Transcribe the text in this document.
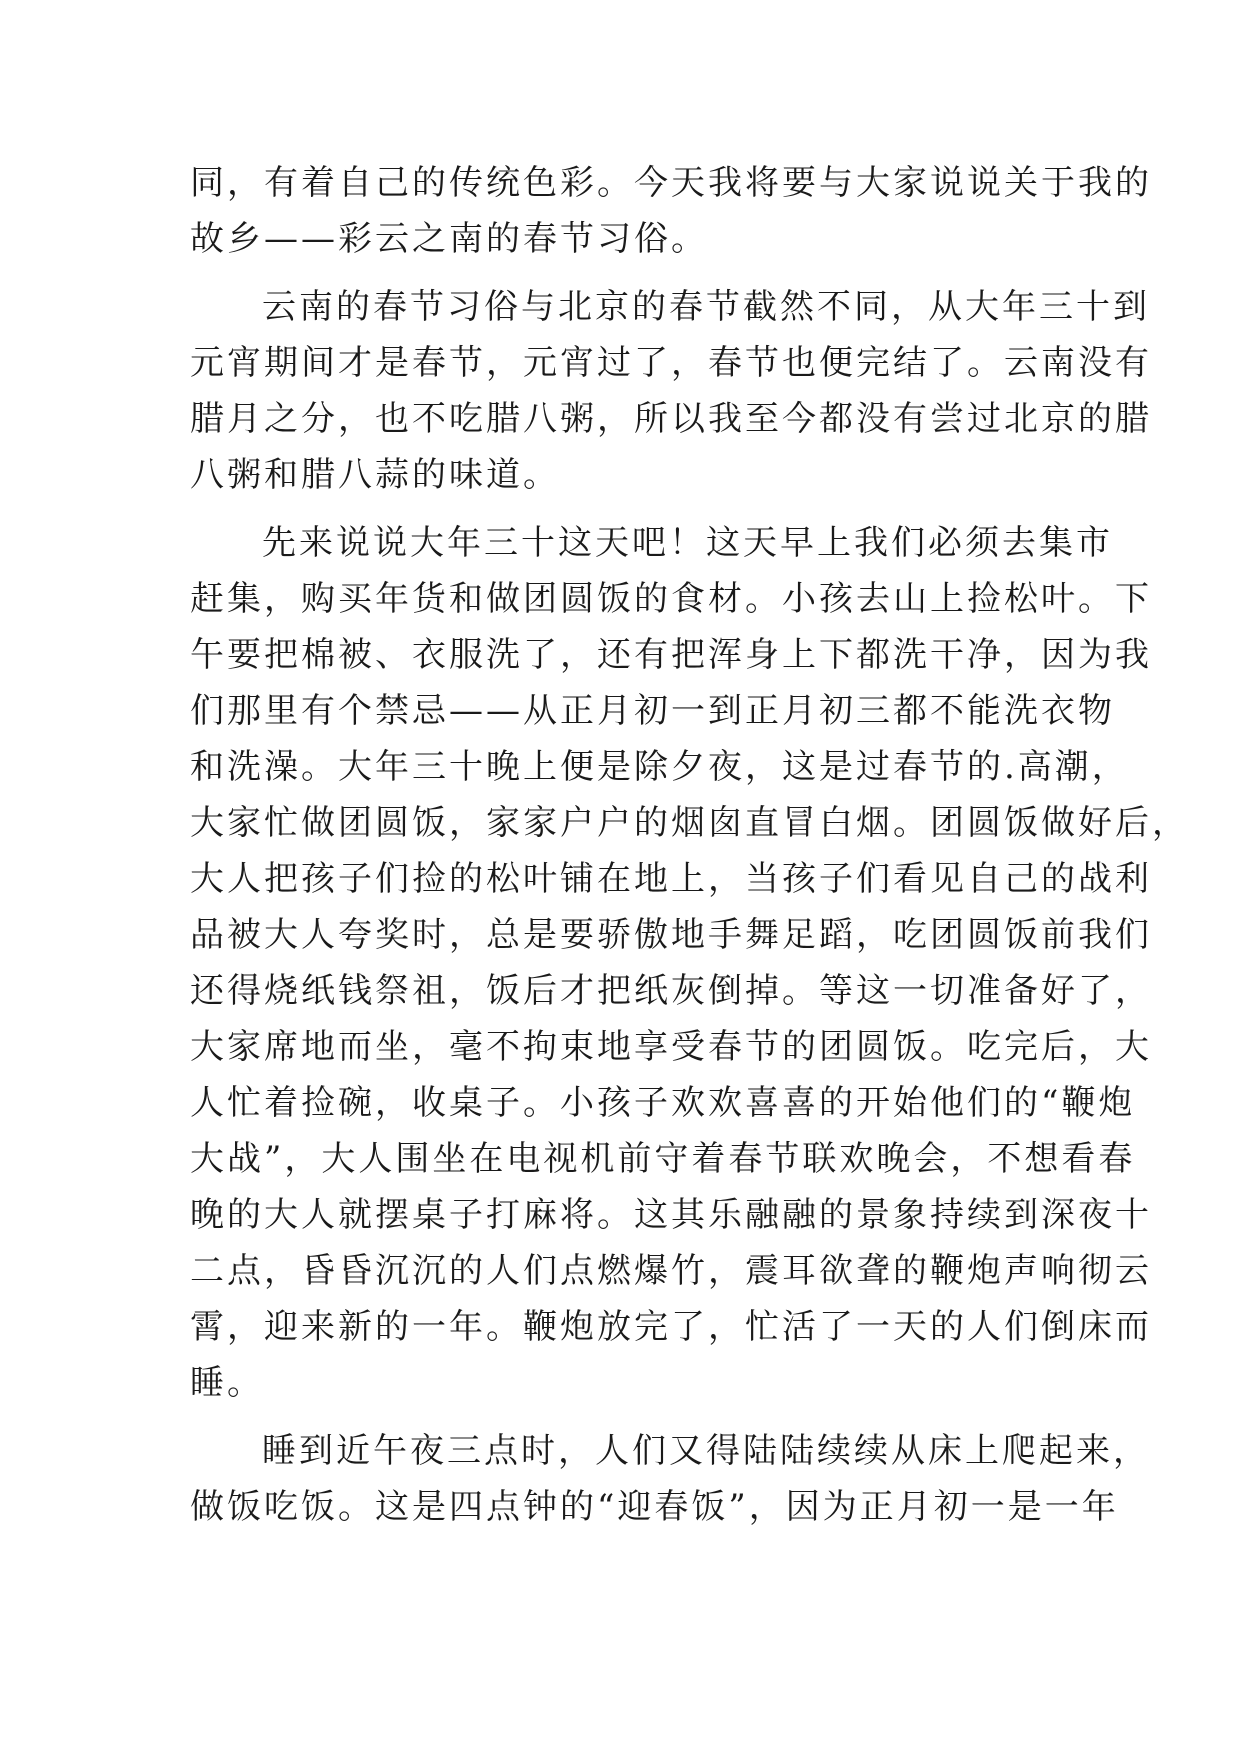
同，有着自己的传统色彩。今天我将要与大家说说关于我的
故乡——彩云之南的春节习俗。
云南的春节习俗与北京的春节截然不同，从大年三十到
元宵期间才是春节，元宵过了，春节也便完结了。云南没有
腊月之分，也不吃腊八粥，所以我至今都没有尝过北京的腊
八粥和腊八蒜的味道。
先来说说大年三十这天吧！这天早上我们必须去集市
赶集，购买年货和做团圆饭的食材。小孩去山上捡松叶。下
午要把棉被、衣服洗了，还有把浑身上下都洗干净，因为我
们那里有个禁忌——从正月初一到正月初三都不能洗衣物
和洗澡。大年三十晚上便是除夕夜，这是过春节的.高潮，
大家忙做团圆饭，家家户户的烟囱直冒白烟。团圆饭做好后，
大人把孩子们捡的松叶铺在地上，当孩子们看见自己的战利
品被大人夸奖时，总是要骄傲地手舞足蹈，吃团圆饭前我们
还得烧纸钱祭祖，饭后才把纸灰倒掉。等这一切准备好了，
大家席地而坐，毫不拘束地享受春节的团圆饭。吃完后，大
人忙着捡碗，收桌子。小孩子欢欢喜喜的开始他们的“鞭炮
大战”，大人围坐在电视机前守着春节联欢晚会，不想看春
晚的大人就摆桌子打麻将。这其乐融融的景象持续到深夜十
二点，昏昏沉沉的人们点燃爆竹，震耳欲聋的鞭炮声响彻云
霄，迎来新的一年。鞭炮放完了，忙活了一天的人们倒床而
睡。
睡到近午夜三点时，人们又得陆陆续续从床上爬起来，
做饭吃饭。这是四点钟的“迎春饭”，因为正月初一是一年
